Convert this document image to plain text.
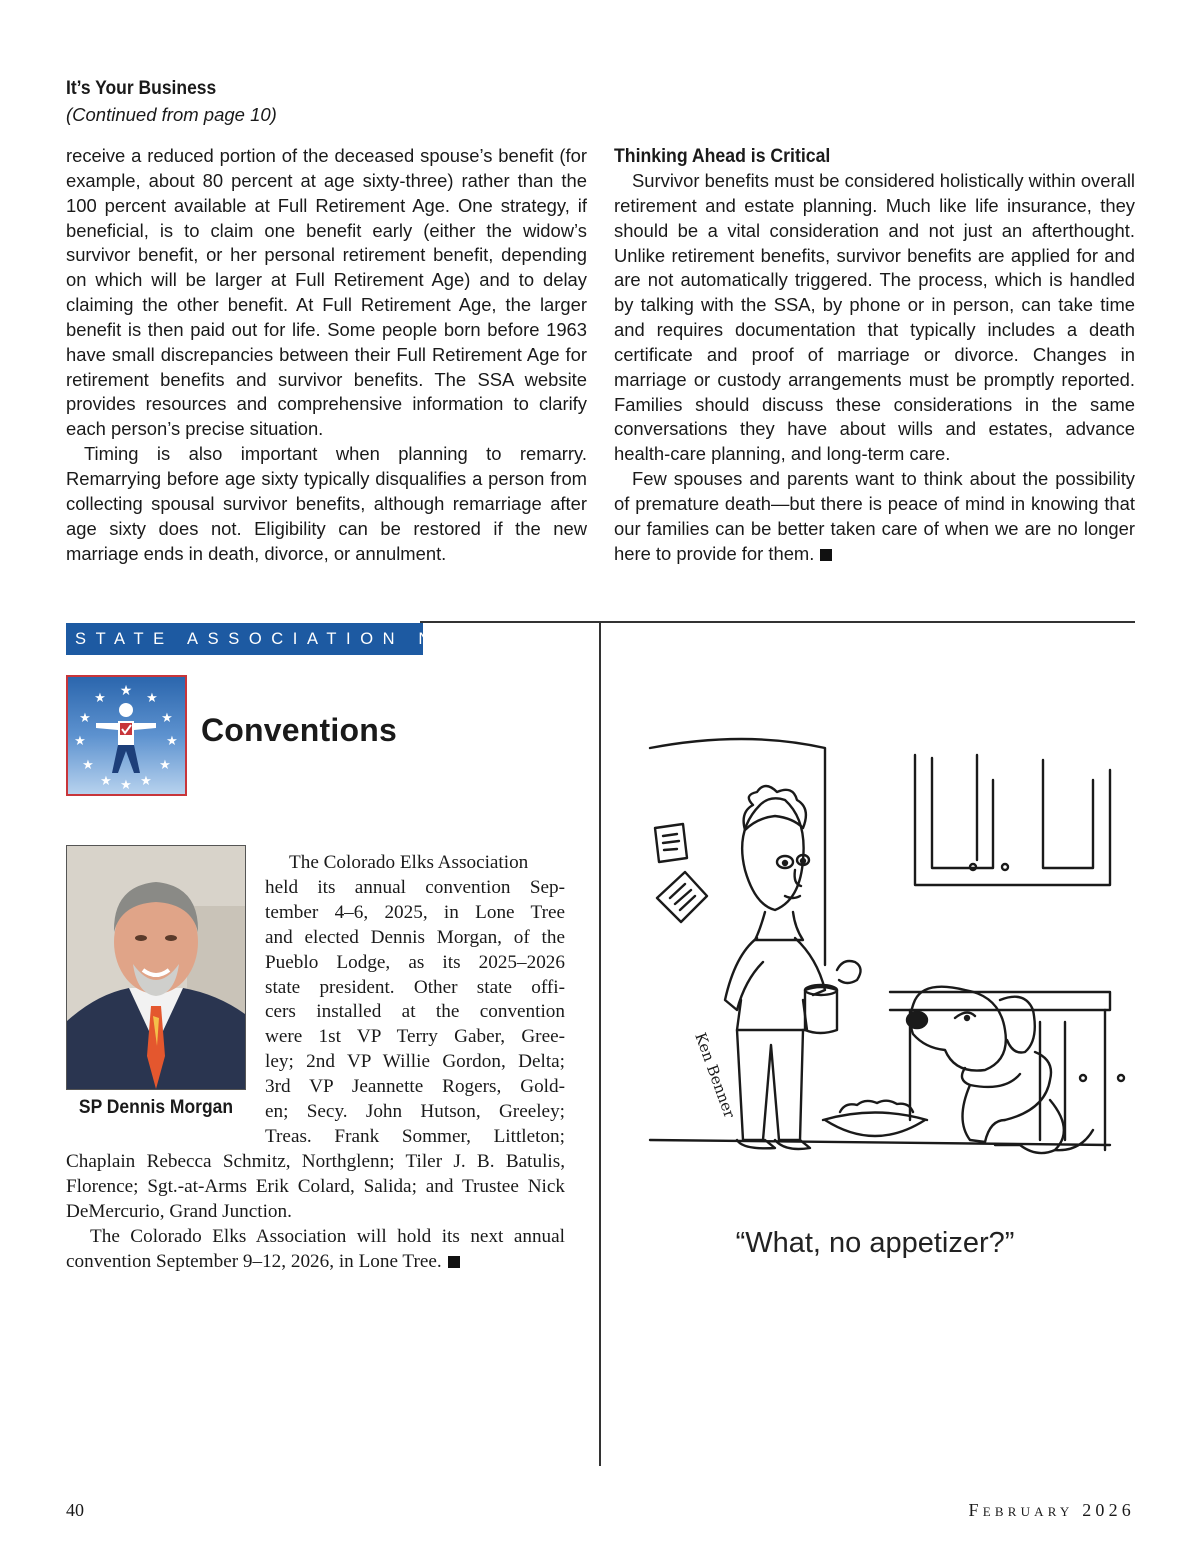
It’s Your Business
(Continued from page 10)

receive a reduced portion of the deceased spouse’s benefit (for example, about 80 percent at age sixty-three) rather than the 100 percent available at Full Retirement Age. One strategy, if beneficial, is to claim one benefit early (either the widow’s survivor benefit, or her personal retirement benefit, depending on which will be larger at Full Retirement Age) and to delay claiming the other benefit. At Full Retirement Age, the larger benefit is then paid out for life. Some people born before 1963 have small discrepancies between their Full Retirement Age for retirement benefits and survivor benefits. The SSA website provides resources and comprehensive information to clarify each person’s precise situation.

Timing is also important when planning to remarry. Remarrying before age sixty typically disqualifies a person from collecting spousal survivor benefits, although remarriage after age sixty does not. Eligibility can be restored if the new marriage ends in death, divorce, or annulment.

Thinking Ahead is Critical

Survivor benefits must be considered holistically within overall retirement and estate planning. Much like life insurance, they should be a vital consideration and not just an afterthought. Unlike retirement benefits, survivor benefits are applied for and are not automatically triggered. The process, which is handled by talking with the SSA, by phone or in person, can take time and requires documentation that typically includes a death certificate and proof of marriage or divorce. Changes in marriage or custody arrangements must be promptly reported. Families should discuss these considerations in the same conversations they have about wills and estates, advance health-care planning, and long-term care.

Few spouses and parents want to think about the possibility of premature death—but there is peace of mind in knowing that our families can be better taken care of when we are no longer here to provide for them.

STATE ASSOCIATION NEWS
★ ★
★
★
★
★
★
★
★
★
★ ★
Conventions
SP Dennis Morgan
The Colorado Elks Association
held its annual convention Sep-
tember 4–6, 2025, in Lone Tree
and elected Dennis Morgan, of the
Pueblo Lodge, as its 2025–2026
state president. Other state offi-
cers installed at the convention
were 1st VP Terry Gaber, Gree-
ley; 2nd VP Willie Gordon, Delta;
3rd VP Jeannette Rogers, Gold-
en; Secy. John Hutson, Greeley;

Treas. Frank Sommer, Littleton; Chaplain Rebecca Schmitz, Northglenn; Tiler J. B. Batulis, Florence; Sgt.-at-Arms Erik Colard, Salida; and Trustee Nick DeMercurio, Grand Junction.

The Colorado Elks Association will hold its next annual convention September 9–12, 2026, in Lone Tree.

Ken Benner
“What, no appetizer?”
40	February 2026
